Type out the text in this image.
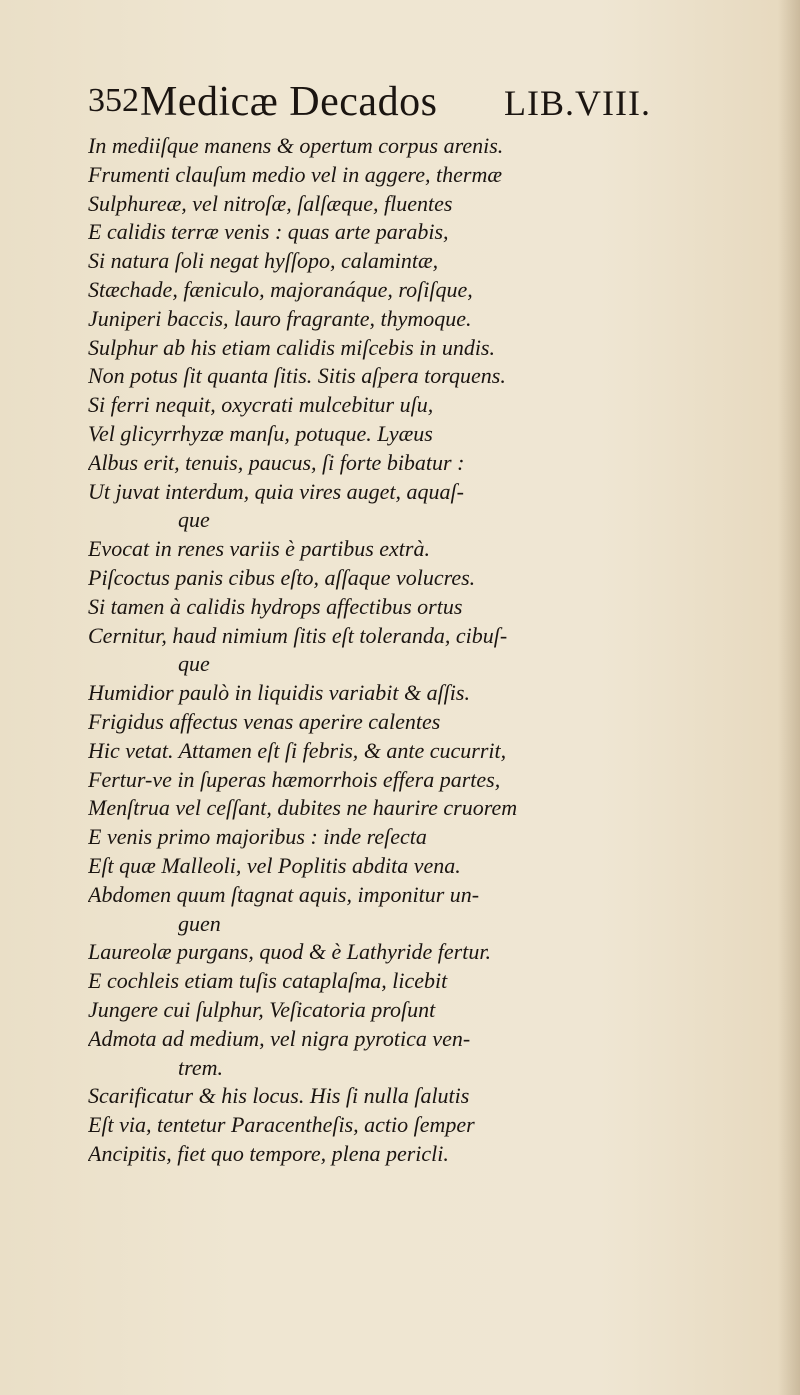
352 Medicæ Decados LIB.VIII.
In mediiſque manens & opertum corpus arenis.
Frumenti clauſum medio vel in aggere, thermæ
Sulphureæ, vel nitroſæ, ſalſæque, fluentes
E calidis terræ venis : quas arte parabis,
Si natura ſoli negat hyſſopo, calamintæ,
Stæchade, fæniculo, majoranáque, roſiſque,
Juniperi baccis, lauro fragrante, thymoque.
Sulphur ab his etiam calidis miſcebis in undis.
Non potus ſit quanta ſitis. Sitis aſpera torquens.
Si ferri nequit, oxycrati mulcebitur uſu,
Vel glicyrrhyzæ manſu, potuque. Lyæus
Albus erit, tenuis, paucus, ſi forte bibatur :
Ut juvat interdum, quia vires auget, aquaſ-
que
Evocat in renes variis è partibus extrà.
Piſcoctus panis cibus eſto, aſſaque volucres.
Si tamen à calidis hydrops affectibus ortus
Cernitur, haud nimium ſitis eſt toleranda, cibuſ-
que
Humidior paulò in liquidis variabit & aſſis.
Frigidus affectus venas aperire calentes
Hic vetat. Attamen eſt ſi febris, & ante cucurrit,
Fertur-ve in ſuperas hæmorrhois effera partes,
Menſtrua vel ceſſant, dubites ne haurire cruorem
E venis primo majoribus : inde reſecta
Eſt quæ Malleoli, vel Poplitis abdita vena.
Abdomen quum ſtagnat aquis, imponitur un-
guen
Laureolæ purgans, quod & è Lathyride fertur.
E cochleis etiam tuſis cataplaſma, licebit
Jungere cui ſulphur, Veſicatoria proſunt
Admota ad medium, vel nigra pyrotica ven-
trem.
Scarificatur & his locus. His ſi nulla ſalutis
Eſt via, tentetur Paracentheſis, actio ſemper
Ancipitis, fiet quo tempore, plena pericli.
